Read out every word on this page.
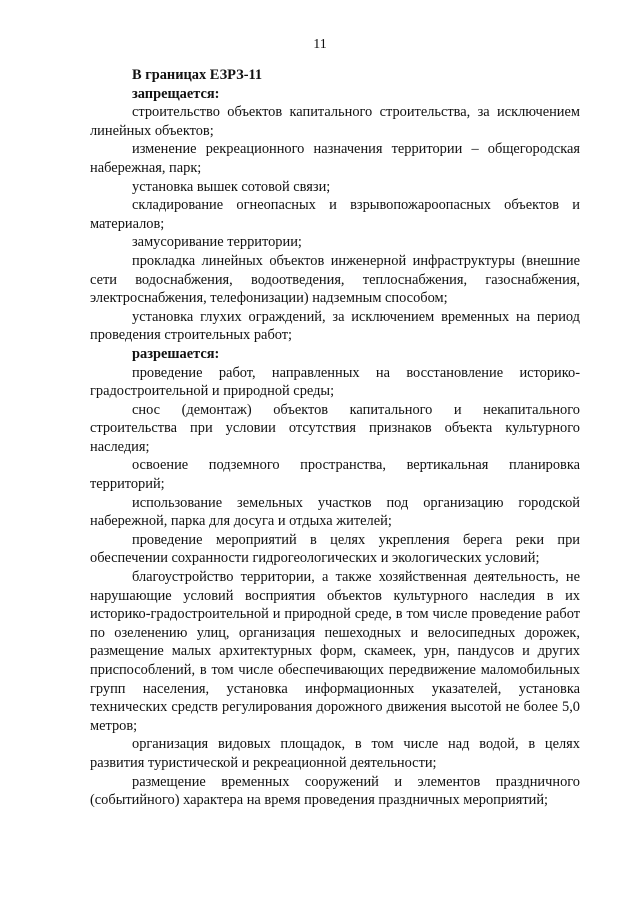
11

В границах ЕЗРЗ-11

запрещается:

строительство объектов капитального строительства, за исключением линейных объектов;

изменение рекреационного назначения территории – общегородская набережная, парк;

установка вышек сотовой связи;

складирование огнеопасных и взрывопожароопасных объектов и материалов;

замусоривание территории;

прокладка линейных объектов инженерной инфраструктуры (внешние сети водоснабжения, водоотведения, теплоснабжения, газоснабжения, электроснабжения, телефонизации) надземным способом;

установка глухих ограждений, за исключением временных на период проведения строительных работ;

разрешается:

проведение работ, направленных на восстановление историко-градостроительной и природной среды;

снос (демонтаж) объектов капитального и некапитального строительства при условии отсутствия признаков объекта культурного наследия;

освоение подземного пространства, вертикальная планировка территорий;

использование земельных участков под организацию городской набережной, парка для досуга и отдыха жителей;

проведение мероприятий в целях укрепления берега реки при обеспечении сохранности гидрогеологических и экологических условий;

благоустройство территории, а также хозяйственная деятельность, не нарушающие условий восприятия объектов культурного наследия в их историко-градостроительной и природной среде, в том числе проведение работ по озеленению улиц, организация пешеходных и велосипедных дорожек, размещение малых архитектурных форм, скамеек, урн, пандусов и других приспособлений, в том числе обеспечивающих передвижение маломобильных групп населения, установка информационных указателей, установка технических средств регулирования дорожного движения высотой не более 5,0 метров;

организация видовых площадок, в том числе над водой, в целях развития туристической и рекреационной деятельности;

размещение временных сооружений и элементов праздничного (событийного) характера на время проведения праздничных мероприятий;
